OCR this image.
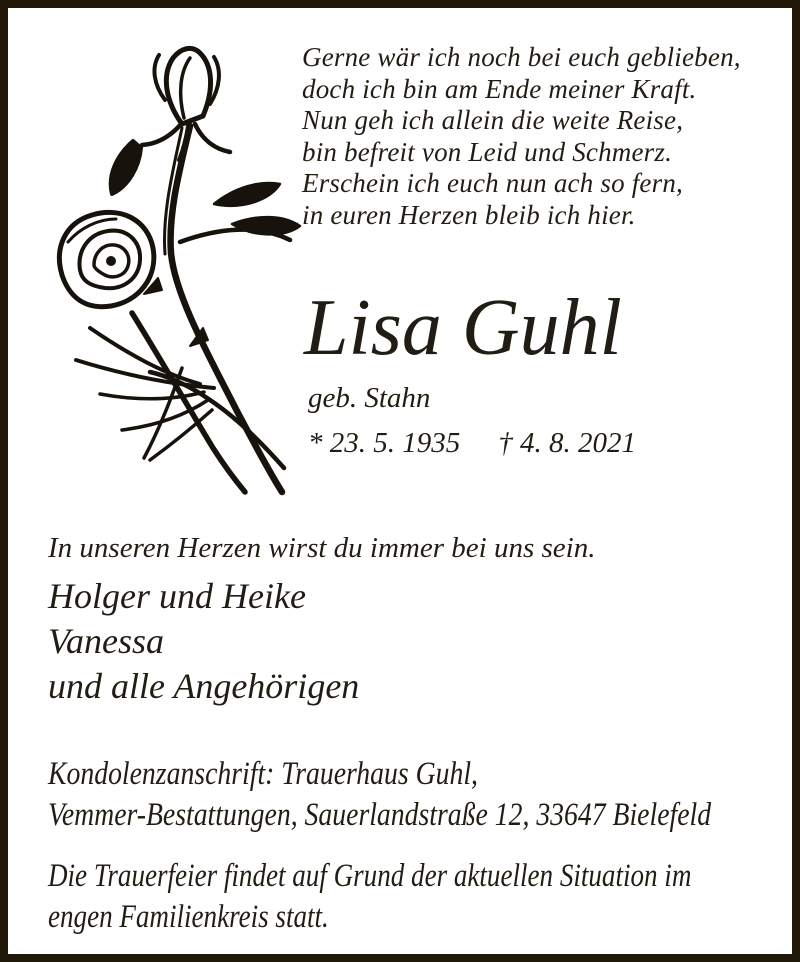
Gerne wär ich noch bei euch geblieben,
doch ich bin am Ende meiner Kraft.
Nun geh ich allein die weite Reise,
bin befreit von Leid und Schmerz.
Erschein ich euch nun ach so fern,
in euren Herzen bleib ich hier.
Lisa Guhl
geb. Stahn
* 23. 5. 1935 † 4. 8. 2021
In unseren Herzen wirst du immer bei uns sein.
Holger und Heike
Vanessa
und alle Angehörigen
Kondolenzanschrift: Trauerhaus Guhl,
Vemmer-Bestattungen, Sauerlandstraße 12, 33647 Bielefeld
Die Trauerfeier findet auf Grund der aktuellen Situation im
engen Familienkreis statt.
